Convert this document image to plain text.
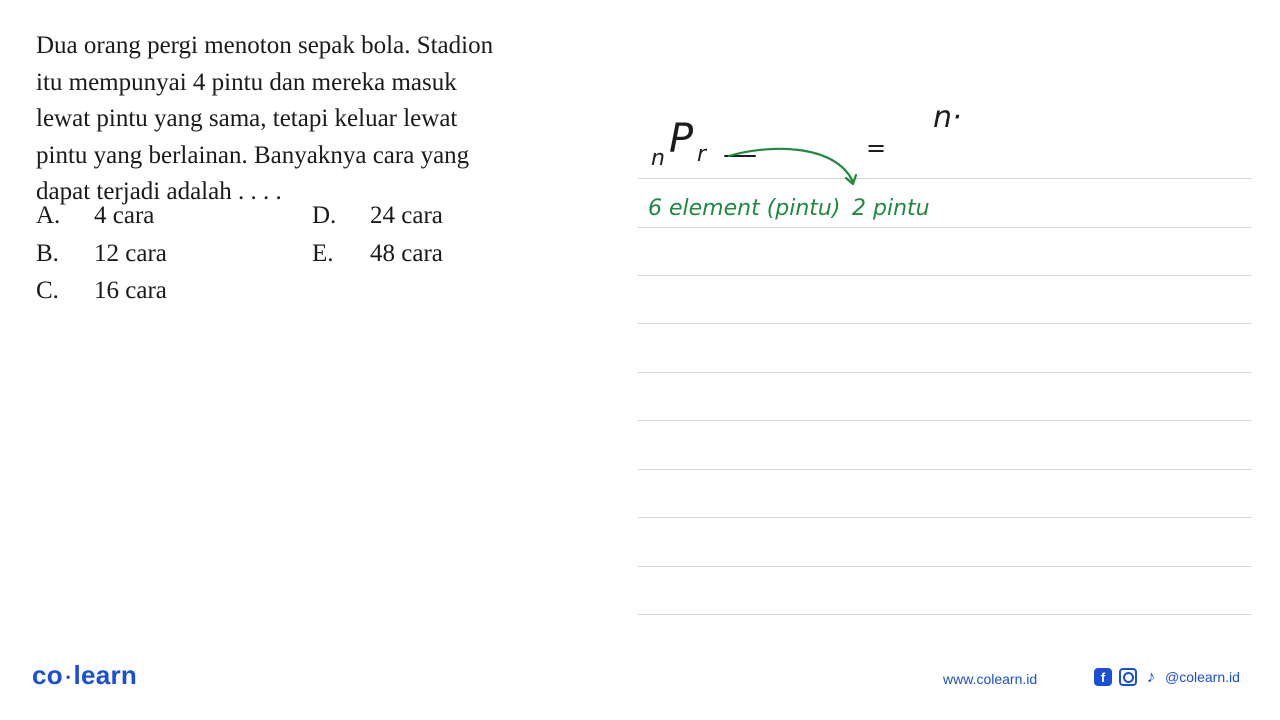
Dua orang pergi menoton sepak bola. Stadion
itu mempunyai 4 pintu dan mereka masuk
lewat pintu yang sama, tetapi keluar lewat
pintu yang berlainan. Banyaknya cara yang
dapat terjadi adalah . . . .
A. 4 cara
B. 12 cara
C. 16 cara
D. 24 cara
E. 48 cara
n P r	=
n·
6 element (pintu) 2 pintu
co • learn	www.colearn.id	f	♪ @colearn.id
